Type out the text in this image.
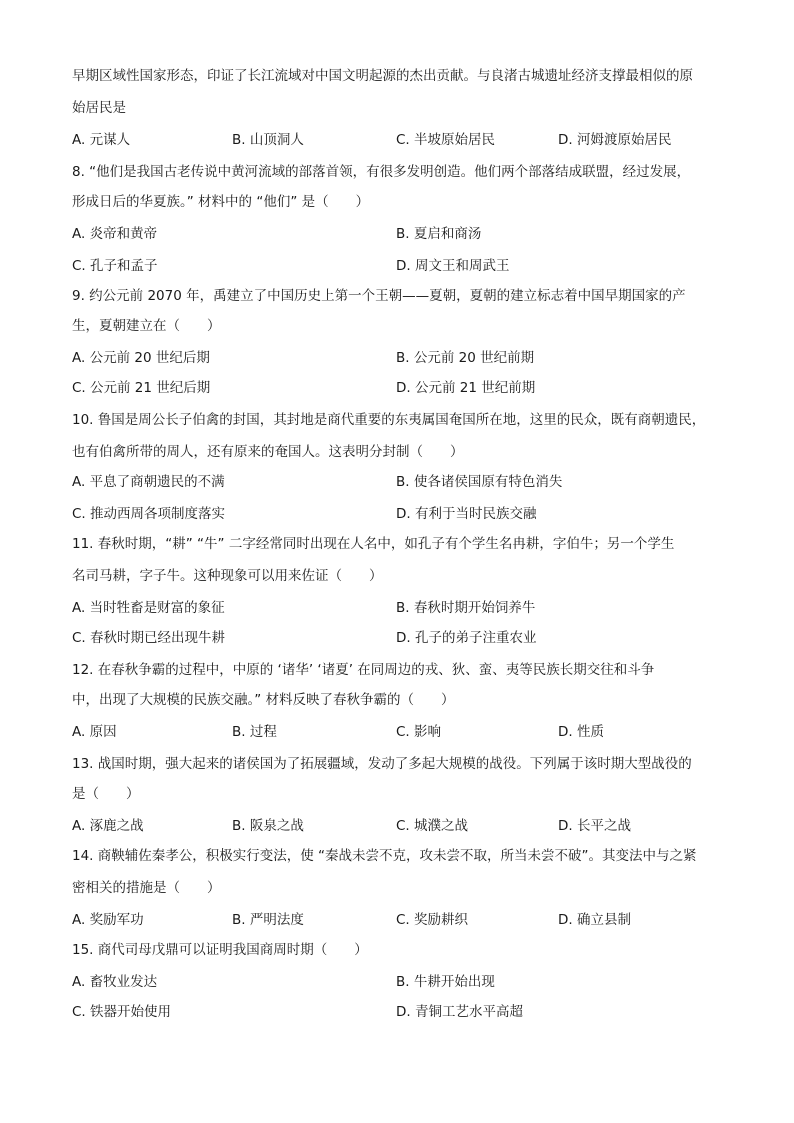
早期区域性国家形态，印证了长江流域对中国文明起源的杰出贡献。与良渚古城遗址经济支撑最相似的原
始居民是
A. 元谋人	B. 山顶洞人	C. 半坡原始居民	D. 河姆渡原始居民
8. “他们是我国古老传说中黄河流域的部落首领，有很多发明创造。他们两个部落结成联盟，经过发展，
形成日后的华夏族。” 材料中的 “他们” 是（　　）
A. 炎帝和黄帝	B. 夏启和商汤
C. 孔子和孟子	D. 周文王和周武王
9. 约公元前 2070 年，禹建立了中国历史上第一个王朝——夏朝，夏朝的建立标志着中国早期国家的产
生，夏朝建立在（　　）
A. 公元前 20 世纪后期	B. 公元前 20 世纪前期
C. 公元前 21 世纪后期	D. 公元前 21 世纪前期
10. 鲁国是周公长子伯禽的封国，其封地是商代重要的东夷属国奄国所在地，这里的民众，既有商朝遗民，
也有伯禽所带的周人，还有原来的奄国人。这表明分封制（　　）
A. 平息了商朝遗民的不满	B. 使各诸侯国原有特色消失
C. 推动西周各项制度落实	D. 有利于当时民族交融
11. 春秋时期，“耕” “牛” 二字经常同时出现在人名中，如孔子有个学生名冉耕，字伯牛；另一个学生
名司马耕，字子牛。这种现象可以用来佐证（　　）
A. 当时牲畜是财富的象征	B. 春秋时期开始饲养牛
C. 春秋时期已经出现牛耕	D. 孔子的弟子注重农业
12. 在春秋争霸的过程中，中原的 ‘诸华’ ‘诸夏’ 在同周边的戎、狄、蛮、夷等民族长期交往和斗争
中，出现了大规模的民族交融。” 材料反映了春秋争霸的（　　）
A. 原因	B. 过程	C. 影响	D. 性质
13. 战国时期，强大起来的诸侯国为了拓展疆域，发动了多起大规模的战役。下列属于该时期大型战役的
是（　　）
A. 涿鹿之战	B. 阪泉之战	C. 城濮之战	D. 长平之战
14. 商鞅辅佐秦孝公，积极实行变法，使 “秦战未尝不克，攻未尝不取，所当未尝不破”。其变法中与之紧
密相关的措施是（　　）
A. 奖励军功	B. 严明法度	C. 奖励耕织	D. 确立县制
15. 商代司母戊鼎可以证明我国商周时期（　　）
A. 畜牧业发达	B. 牛耕开始出现
C. 铁器开始使用	D. 青铜工艺水平高超
